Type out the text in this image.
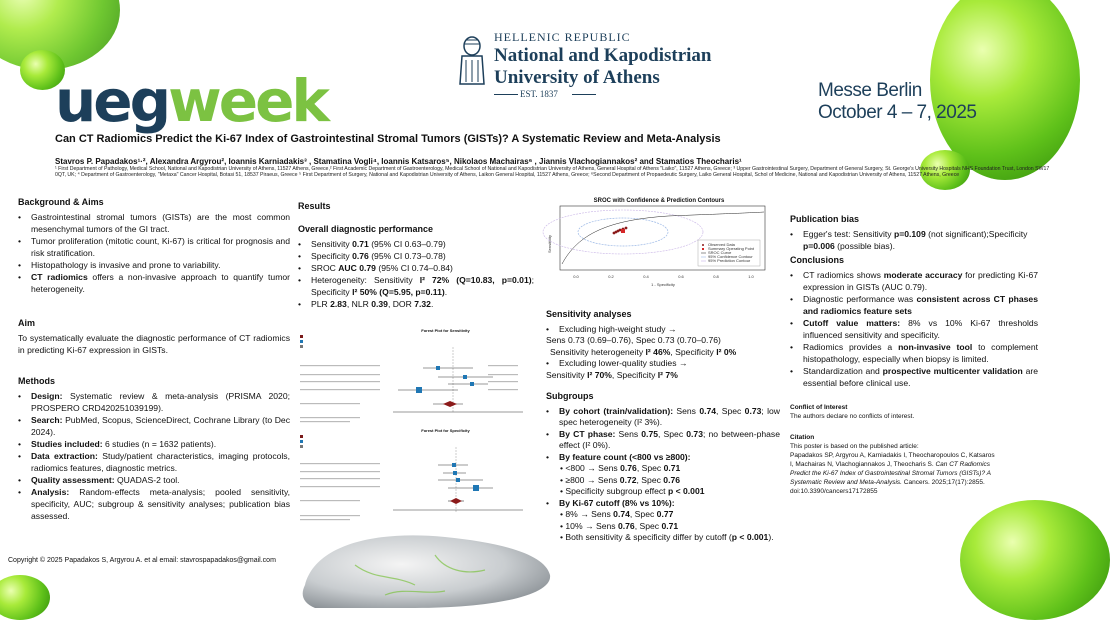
uegweek
HELLENIC REPUBLIC
National and Kapodistrian
University of Athens
EST. 1837	Messe Berlin
October 4 – 7, 2025
Can CT Radiomics Predict the Ki-67 Index of Gastrointestinal Stromal Tumors (GISTs)? A Systematic Review and Meta-Analysis
Stavros P. Papadakos¹·², Alexandra Argyrou², Ioannis Karniadakis³ , Stamatina Vogli⁴, Ioannis Katsaros⁵, Nikolaos Machairas⁶ , Jiannis Vlachogiannakos² and Stamatios Theocharis¹
¹ First Department of Pathology, Medical School, National and Kapodistrian University of Athens, 11527 Athens, Greece,² First Academic Department of Gastroenterology, Medical School of National and Kapodistrian University of Athens, General Hospital of Athens "Laiko", 11527 Athens, Greece; ³ Upper Gastrointestinal Surgery, Department of General Surgery, St. George's University Hospitals NHS Foundation Trust, London SW17 0QT, UK; ⁴ Department of Gastroenterology, "Metaxa" Cancer Hospital, Botasi 51, 18537 Piraeus, Greece ⁵ First Department of Surgery, National and Kapodistrian University of Athens, Laikon General Hospital, 11527 Athens, Greece; ⁶Second Department of Propaedeutic Surgery, Laiko General Hospital, Schol of Medicine, National and Kapodistrian University of Athens, 11527 Athens, Greece
Background & Aims
• Gastrointestinal stromal tumors (GISTs) are the most common mesenchymal tumors of the GI tract.
• Tumor proliferation (mitotic count, Ki-67) is critical for prognosis and risk stratification.
• Histopathology is invasive and prone to variability.
• CT radiomics offers a non-invasive approach to quantify tumor heterogeneity.
Aim

To systematically evaluate the diagnostic performance of CT radiomics in predicting Ki-67 expression in GISTs.

Methods
• Design: Systematic review & meta-analysis (PRISMA 2020; PROSPERO CRD420251039199).
• Search: PubMed, Scopus, ScienceDirect, Cochrane Library (to Dec 2024).
• Studies included: 6 studies (n = 1632 patients).
• Data extraction: Study/patient characteristics, imaging protocols, radiomics features, diagnostic metrics.
• Quality assessment: QUADAS-2 tool.
• Analysis: Random-effects meta-analysis; pooled sensitivity, specificity, AUC; subgroup & sensitivity analyses; publication bias assessed.
Copyright © 2025 Papadakos S, Argyrou A. et al email: stavrospapadakos@gmail.com
Results
Overall diagnostic performance
• Sensitivity 0.71 (95% CI 0.63–0.79)
• Specificity 0.76 (95% CI 0.73–0.78)
• SROC AUC 0.79 (95% CI 0.74–0.84)
• Heterogeneity: Sensitivity I² 72% (Q=10.83, p=0.01); Specificity I² 50% (Q=5.95, p=0.11).
• PLR 2.83, NLR 0.39, DOR 7.32.
Forest Plot for Sensitivity
Forest Plot for Specificity
SROC with Confidence & Prediction Contours
Sensitivity	Observed Data
Summary Operating Point
SROC Curve
95% Confidence Contour
95% Prediction Contour
0.0	0.2	0.4	0.6	0.8	1.0
1 - Specificity
Sensitivity analyses
• Excluding high-weight study →
Sens 0.73 (0.69–0.76), Spec 0.73 (0.70–0.76)
Sensitivity heterogeneity I² 46%, Specificity I² 0%
• Excluding lower-quality studies →
Sensitivity I² 70%, Specificity I² 7%
Subgroups
• By cohort (train/validation): Sens 0.74, Spec 0.73; low spec heterogeneity (I² 3%).
• By CT phase: Sens 0.75, Spec 0.73; no between-phase effect (I² 0%).
• By feature count (<800 vs ≥800):
• <800 → Sens 0.76, Spec 0.71
• ≥800 → Sens 0.72, Spec 0.76
• Specificity subgroup effect p < 0.001
• By Ki-67 cutoff (8% vs 10%):
• 8% → Sens 0.74, Spec 0.77
• 10% → Sens 0.76, Spec 0.71
• Both sensitivity & specificity differ by cutoff (p < 0.001).
Publication bias
• Egger's test: Sensitivity p=0.109 (not significant);Specificity p=0.006 (possible bias).
Conclusions
• CT radiomics shows moderate accuracy for predicting Ki-67 expression in GISTs (AUC 0.79).
• Diagnostic performance was consistent across CT phases and radiomics feature sets
• Cutoff value matters: 8% vs 10% Ki-67 thresholds influenced sensitivity and specificity.
• Radiomics provides a non-invasive tool to complement histopathology, especially when biopsy is limited.
• Standardization and prospective multicenter validation are essential before clinical use.
Conflict of Interest
The authors declare no conflicts of interest.
Citation
This poster is based on the published article:
Papadakos SP, Argyrou A, Karniadakis I, Theocharopoulos C, Katsaros I, Machairas N, Vlachogiannakos J, Theocharis S. Can CT Radiomics Predict the Ki-67 Index of Gastrointestinal Stromal Tumors (GISTs)? A Systematic Review and Meta-Analysis. Cancers. 2025;17(17):2855. doi:10.3390/cancers17172855
